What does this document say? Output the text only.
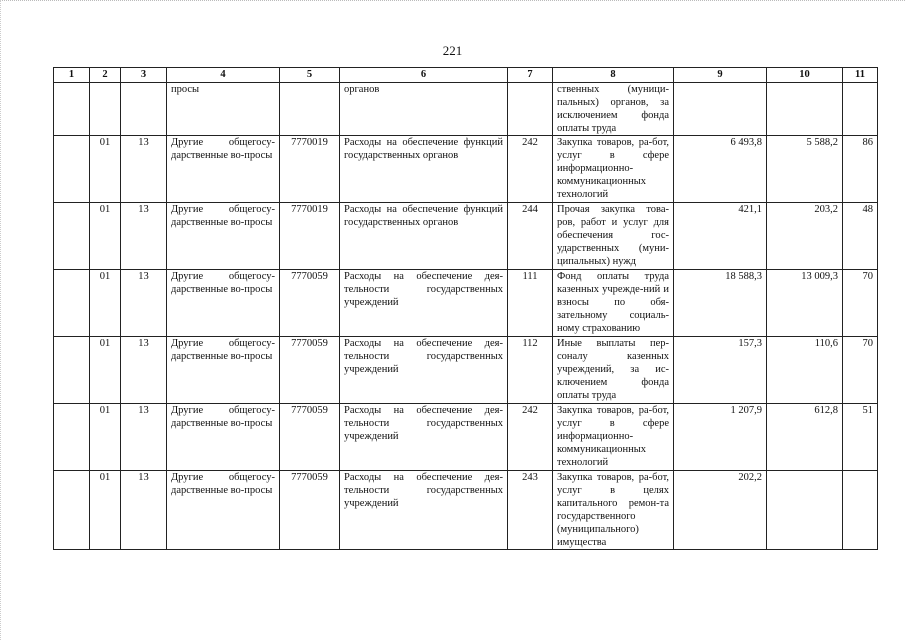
221
1	2	3	4	5	6	7	8	9	10	11
			просы		органов		ственных (муници-пальных) органов, за исключением фонда оплаты труда			
	01	13	Другие общегосу-дарственные во-просы	7770019	Расходы на обеспечение функций государственных органов	242	Закупка товаров, ра-бот, услуг в сфере информационно-коммуникационных технологий	6 493,8	5 588,2	86
	01	13	Другие общегосу-дарственные во-просы	7770019	Расходы на обеспечение функций государственных органов	244	Прочая закупка това-ров, работ и услуг для обеспечения гос-ударственных (муни-ципальных) нужд	421,1	203,2	48
	01	13	Другие общегосу-дарственные во-просы	7770059	Расходы на обеспечение дея-тельности государственных учреждений	111	Фонд оплаты труда казенных учрежде-ний и взносы по обя-зательному социаль-ному страхованию	18 588,3	13 009,3	70
	01	13	Другие общегосу-дарственные во-просы	7770059	Расходы на обеспечение дея-тельности государственных учреждений	112	Иные выплаты пер-соналу казенных учреждений, за ис-ключением фонда оплаты труда	157,3	110,6	70
	01	13	Другие общегосу-дарственные во-просы	7770059	Расходы на обеспечение дея-тельности государственных учреждений	242	Закупка товаров, ра-бот, услуг в сфере информационно-коммуникационных технологий	1 207,9	612,8	51
	01	13	Другие общегосу-дарственные во-просы	7770059	Расходы на обеспечение дея-тельности государственных учреждений	243	Закупка товаров, ра-бот, услуг в целях капитального ремон-та государственного (муниципального) имущества	202,2		
